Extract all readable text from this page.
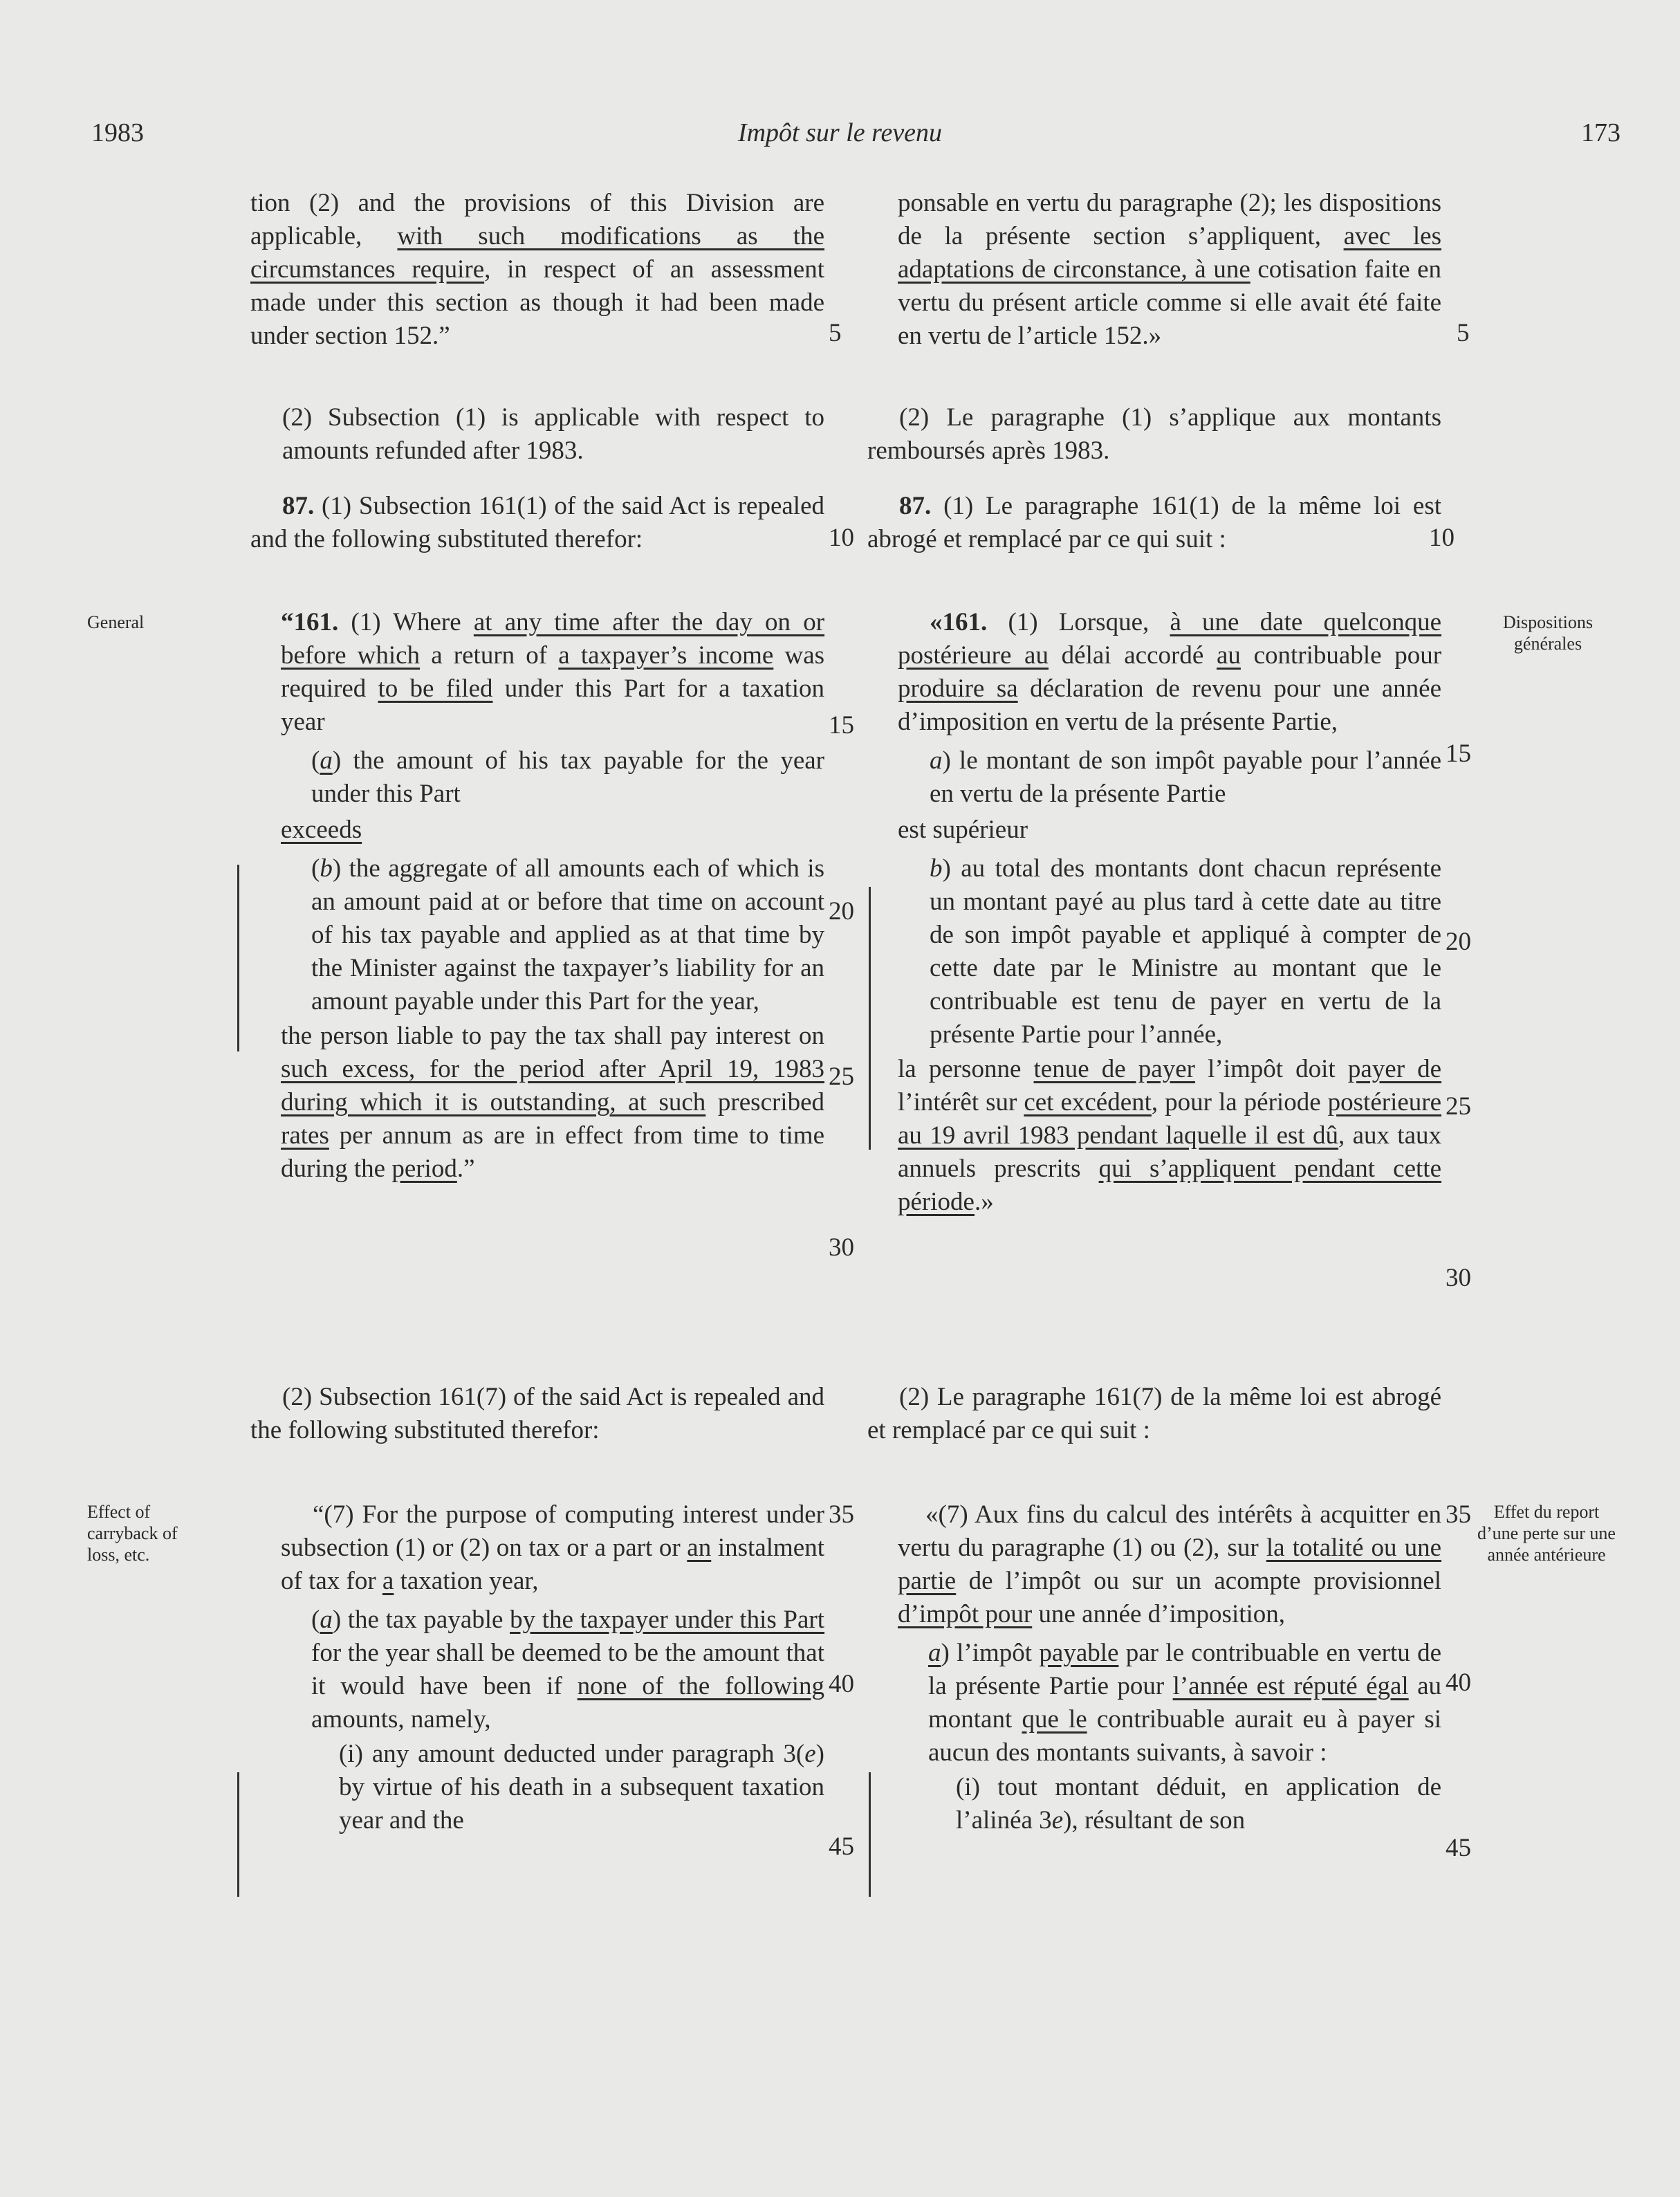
1983	Impôt sur le revenu	173
General
Effect of carryback of loss, etc.
Dispositions générales
Effet du report d’une perte sur une année antérieure
5
10
15
20
25
30
35
40
45
5
10
15
20
25
30
35
40
45

tion (2) and the provisions of this Division are applicable, with such modifications as the circumstances require, in respect of an assessment made under this section as though it had been made under section 152.”

(2) Subsection (1) is applicable with respect to amounts refunded after 1983.

87. (1) Subsection 161(1) of the said Act is repealed and the following substituted therefor:

“161. (1) Where at any time after the day on or before which a return of a taxpayer’s income was required to be filed under this Part for a taxation year

(a) the amount of his tax payable for the year under this Part

exceeds

(b) the aggregate of all amounts each of which is an amount paid at or before that time on account of his tax payable and applied as at that time by the Minister against the taxpayer’s liability for an amount payable under this Part for the year,

the person liable to pay the tax shall pay interest on such excess, for the period after April 19, 1983 during which it is outstanding, at such prescribed rates per annum as are in effect from time to time during the period.”

(2) Subsection 161(7) of the said Act is repealed and the following substituted therefor:

“(7) For the purpose of computing interest under subsection (1) or (2) on tax or a part or an instalment of tax for a taxation year,

(a) the tax payable by the taxpayer under this Part for the year shall be deemed to be the amount that it would have been if none of the following amounts, namely,

(i) any amount deducted under paragraph 3(e) by virtue of his death in a subsequent taxation year and the

ponsable en vertu du paragraphe (2); les dispositions de la présente section s’appliquent, avec les adaptations de circonstance, à une cotisation faite en vertu du présent article comme si elle avait été faite en vertu de l’article 152.»

(2) Le paragraphe (1) s’applique aux montants remboursés après 1983.

87. (1) Le paragraphe 161(1) de la même loi est abrogé et remplacé par ce qui suit :

«161. (1) Lorsque, à une date quelconque postérieure au délai accordé au contribuable pour produire sa déclaration de revenu pour une année d’imposition en vertu de la présente Partie,

a) le montant de son impôt payable pour l’année en vertu de la présente Partie

est supérieur

b) au total des montants dont chacun représente un montant payé au plus tard à cette date au titre de son impôt payable et appliqué à compter de cette date par le Ministre au montant que le contribuable est tenu de payer en vertu de la présente Partie pour l’année,

la personne tenue de payer l’impôt doit payer de l’intérêt sur cet excédent, pour la période postérieure au 19 avril 1983 pendant laquelle il est dû, aux taux annuels prescrits qui s’appliquent pendant cette période.»

(2) Le paragraphe 161(7) de la même loi est abrogé et remplacé par ce qui suit :

«(7) Aux fins du calcul des intérêts à acquitter en vertu du paragraphe (1) ou (2), sur la totalité ou une partie de l’impôt ou sur un acompte provisionnel d’impôt pour une année d’imposition,

a) l’impôt payable par le contribuable en vertu de la présente Partie pour l’année est réputé égal au montant que le contribuable aurait eu à payer si aucun des montants suivants, à savoir :

(i) tout montant déduit, en application de l’alinéa 3e), résultant de son
